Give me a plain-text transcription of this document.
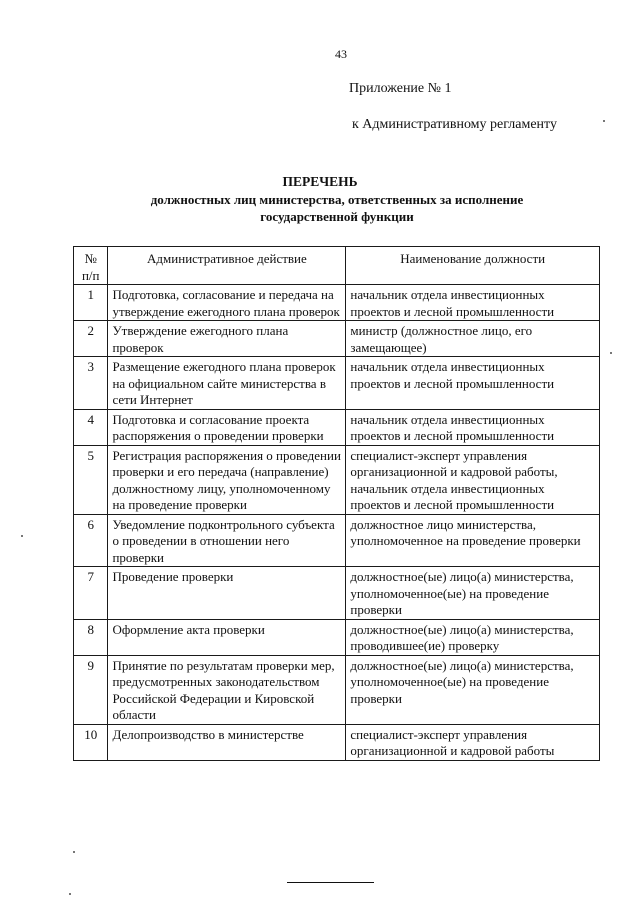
43
Приложение № 1
к Административному регламенту
ПЕРЕЧЕНЬ
должностных лиц министерства, ответственных за исполнение государственной функции
№ п/п	Административное действие	Наименование должности
1	Подготовка, согласование и передача на утверждение ежегодного плана проверок	начальник отдела инвестиционных проектов и лесной промышленности
2	Утверждение ежегодного плана проверок	министр (должностное лицо, его замещающее)
3	Размещение ежегодного плана проверок на официальном сайте министерства в сети Интернет	начальник отдела инвестиционных проектов и лесной промышленности
4	Подготовка и согласование проекта распоряжения о проведении проверки	начальник отдела инвестиционных проектов и лесной промышленности
5	Регистрация распоряжения о проведении проверки и его передача (направление) должностному лицу, уполномоченному на проведение проверки	специалист-эксперт управления организационной и кадровой работы, начальник отдела инвестиционных проектов и лесной промышленности
6	Уведомление подконтрольного субъекта о проведении в отношении него проверки	должностное лицо министерства, уполномоченное на проведение проверки
7	Проведение проверки	должностное(ые) лицо(а) министерства, уполномоченное(ые) на проведение проверки
8	Оформление акта проверки	должностное(ые) лицо(а) министерства, проводившее(ие) проверку
9	Принятие по результатам проверки мер, предусмотренных законодательством Российской Федерации и Кировской области	должностное(ые) лицо(а) министерства, уполномоченное(ые) на проведение проверки
10	Делопроизводство в министерстве	специалист-эксперт управления организационной и кадровой работы
